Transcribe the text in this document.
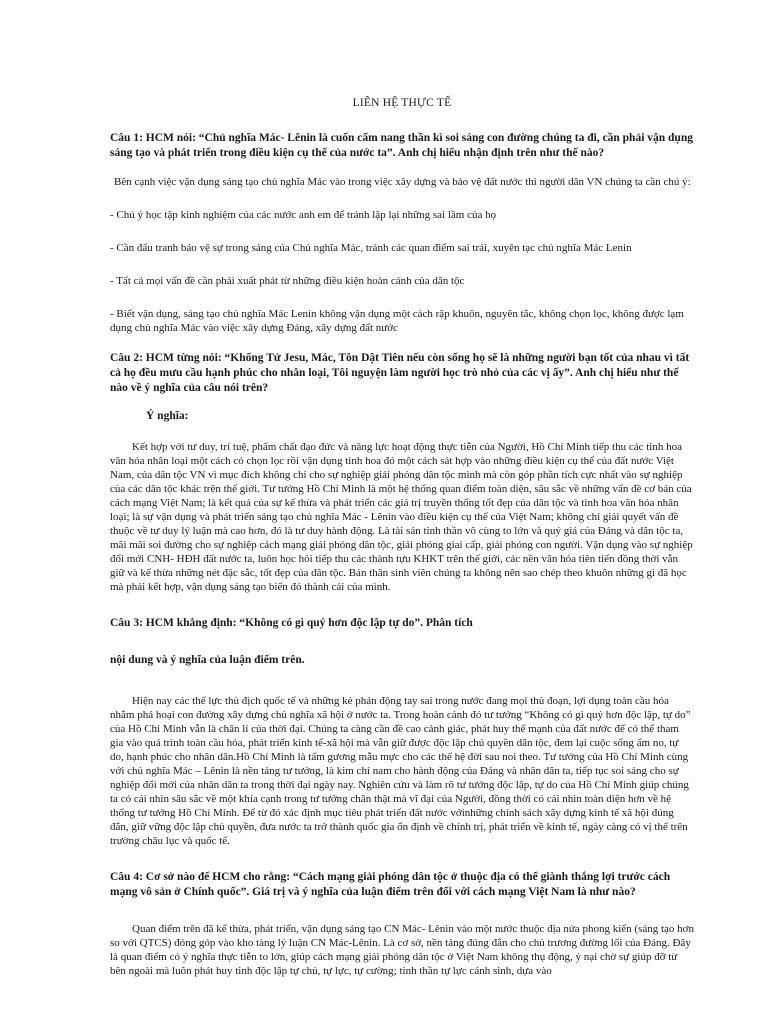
LIÊN HỆ THỰC TẾ
Câu 1: HCM nói: “Chủ nghĩa Mác- Lênin là cuốn cẩm nang thần kì soi sáng con đường chúng ta đi, cần phải vận dụng sáng tạo và phát triển trong điều kiện cụ thể của nước ta”. Anh chị hiểu nhận định trên như thế nào?
Bên cạnh việc vận dụng sáng tạo chủ nghĩa Mác vào trong việc xây dựng và bảo vệ đất nước thì người dân VN chúng ta cần chú ý:
- Chú ý học tập kinh nghiệm của các nước anh em để tránh lặp lại những sai lầm của họ
- Cần đấu tranh bảo vệ sự trong sáng của Chủ nghĩa Mác, tránh các quan điểm sai trái, xuyên tạc chủ nghĩa Mác Lenin
- Tất cả mọi vấn đề cần phải xuất phát từ những điều kiện hoàn cảnh của dân tộc
- Biết vận dụng, sáng tạo chủ nghĩa Mác Lenin không vận dụng một cách rập khuôn, nguyên tắc, không chọn lọc, không được lạm dụng chủ nghĩa Mác vào việc xây dựng Đảng, xây dựng đất nước
Câu 2: HCM từng nói: “Khổng Tử Jesu, Mác, Tôn Dật Tiên nếu còn sống họ sẽ là những người bạn tốt của nhau vì tất cả họ đều mưu cầu hạnh phúc cho nhân loại, Tôi nguyện làm người học trò nhỏ của các vị ấy”. Anh chị hiểu như thế nào về ý nghĩa của câu nói trên?
Ý nghĩa:
Kết hợp với tư duy, trí tuệ, phẩm chất đạo đức và năng lực hoạt động thực tiễn của Người, Hồ Chí Minh tiếp thu các tinh hoa văn hóa nhân loại một cách có chọn lọc rồi vận dụng tinh hoa đó một cách sát hợp vào những điều kiện cụ thể của đất nước Việt Nam, của dân tộc VN vì mục đích không chỉ cho sự nghiệp giải phóng dân tộc mình mà còn góp phần tích cực nhất vào sự nghiệp của các dân tộc khác trên thế giới. Tư tưởng Hồ Chí Minh là một hệ thống quan điểm toàn diện, sâu sắc về những vấn đề cơ bản của cách mạng Việt Nam; là kết quả của sự kế thừa và phát triển các giá trị truyền thống tốt đẹp của dân tộc và tinh hoa văn hóa nhân loại; là sự vận dụng và phát triển sáng tạo chủ nghĩa Mác - Lênin vào điều kiện cụ thể của Việt Nam; không chỉ giải quyết vấn đề thuộc về tư duy lý luận mà cao hơn, đó là tư duy hành động. Là tài sản tinh thần vô cùng to lớn và quý giá của Đảng và dân tộc ta, mãi mãi soi đường cho sự nghiệp cách mạng giải phóng dân tộc, giải phóng giai cấp, giải phóng con người. Vận dụng vào sự nghiệp đổi mới CNH- HĐH đất nước ta, luôn học hỏi tiếp thu các thành tựu KHKT trên thế giới, các nền văn hóa tiên tiến đồng thời vẫn giữ và kế thừa những nét đặc sắc, tốt đẹp của dân tộc. Bản thân sinh viên chúng ta không nên sao chép theo khuôn những gì đã học mà phải kết hợp, vận dụng sáng tạo biến đó thành cái của mình.
Câu 3: HCM khẳng định: “Không có gì quý hơn độc lập tự do”. Phân tích
nội dung và ý nghĩa của luận điểm trên.
Hiện nay các thế lực thù địch quốc tế và những kẻ phản động tay sai trong nước đang mọi thủ đoạn, lợi dụng toàn cầu hóa nhằm phá hoại con đường xây dựng chủ nghĩa xã hội ở nước ta. Trong hoàn cảnh đó tư tưởng “Không có gì quý hơn độc lập, tự do” của Hồ Chí Minh vẫn là chân lí của thời đại. Chúng ta càng cần đề cao cảnh giác, phát huy thế mạnh của đất nước để có thể tham gia vào quá trình toàn cầu hóa, phát triển kinh tế-xã hội mà vẫn giữ được độc lập chủ quyền dân tộc, đem lại cuộc sống ấm no, tự do, hạnh phúc cho nhân dân.Hồ Chí Minh là tấm gương mẫu mực cho các thế hệ đời sau noi theo. Tư tưởng của Hồ Chí Minh cùng với chủ nghĩa Mác – Lênin là nền tảng tư tưởng, là kim chỉ nam cho hành động của Đảng và nhân dân ta, tiếp tục soi sáng cho sự nghiệp đổi mới của nhân dân ta trong thời đại ngày nay. Nghiên cứu và làm rõ tư tưởng độc lập, tự do của Hồ Chí Minh giúp chúng ta có cái nhìn sâu sắc về một khía cạnh trong tư tưởng chân thật mà vĩ đại của Người, đồng thời có cái nhìn toàn diện hơn về hệ thống tư tưởng Hồ Chí Minh. Để từ đó xác định mục tiêu phát triển đất nước vớinhững chính sách xây dựng kinh tế xã hội đúng đắn, giữ vững độc lập chủ quyền, đưa nước ta trở thành quốc gia ổn định về chính trị, phát triển về kinh tế, ngày càng có vị thế trên trường châu lục và quốc tế.
Câu 4: Cơ sở nào để HCM cho rằng: “Cách mạng giải phóng dân tộc ở thuộc địa có thể giành thắng lợi trước cách mạng vô sản ở Chính quốc”. Giá trị và ý nghĩa của luận điểm trên đối với cách mạng Việt Nam là như nào?
Quan điểm trên đã kế thừa, phát triển, vận dụng sáng tạo CN Mác- Lênin vào một nước thuộc địa nửa phong kiến (sáng tạo hơn so với QTCS) đóng góp vào kho tàng lý luận CN Mác-Lênin. Là cơ sở, nền tảng đúng đắn cho chủ trương đường lối của Đảng. Đây là quan điểm có ý nghĩa thực tiễn to lớn, giúp cách mạng giải phóng dân tộc ở Việt Nam không thụ động, ỷ nại chờ sự giúp đỡ từ bên ngoài mà luôn phát huy tinh độc lập tự chủ, tự lực, tự cường; tinh thần tự lực cánh sinh, dựa vào
